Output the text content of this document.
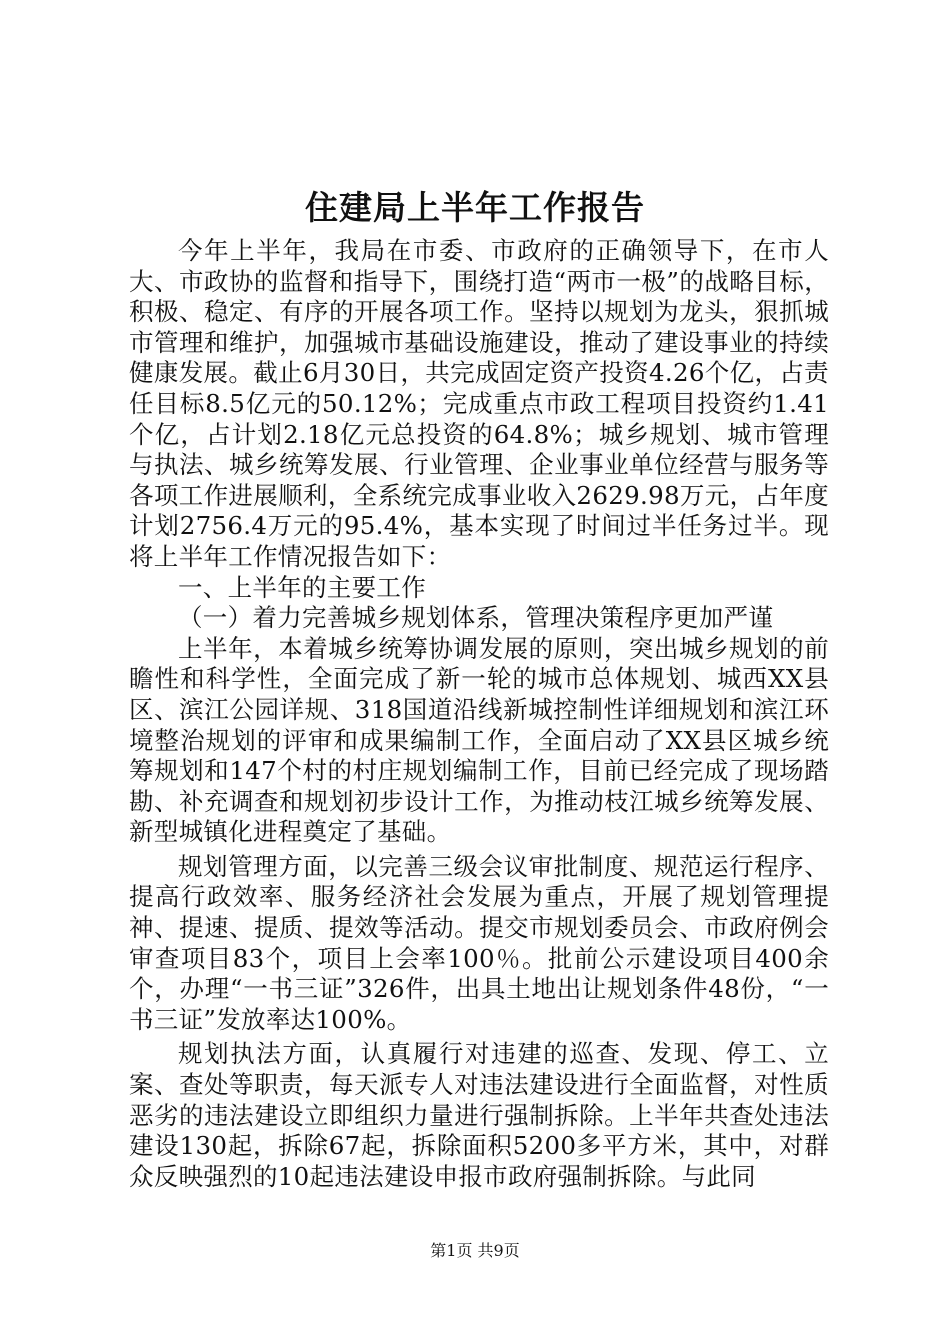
住建局上半年工作报告

今年上半年，我局在市委、市政府的正确领导下，在市人大、市政协的监督和指导下，围绕打造“两市一极”的战略目标，积极、稳定、有序的开展各项工作。坚持以规划为龙头，狠抓城市管理和维护，加强城市基础设施建设，推动了建设事业的持续健康发展。截止6月30日，共完成固定资产投资4.26个亿，占责任目标8.5亿元的50.12%；完成重点市政工程项目投资约1.41个亿，占计划2.18亿元总投资的64.8%；城乡规划、城市管理与执法、城乡统筹发展、行业管理、企业事业单位经营与服务等各项工作进展顺利，全系统完成事业收入2629.98万元，占年度计划2756.4万元的95.4%，基本实现了时间过半任务过半。现将上半年工作情况报告如下：

一、上半年的主要工作

（一）着力完善城乡规划体系，管理决策程序更加严谨

上半年，本着城乡统筹协调发展的原则，突出城乡规划的前瞻性和科学性，全面完成了新一轮的城市总体规划、城西XX县区、滨江公园详规、318国道沿线新城控制性详细规划和滨江环境整治规划的评审和成果编制工作，全面启动了XX县区城乡统筹规划和147个村的村庄规划编制工作，目前已经完成了现场踏勘、补充调查和规划初步设计工作，为推动枝江城乡统筹发展、新型城镇化进程奠定了基础。

规划管理方面，以完善三级会议审批制度、规范运行程序、提高行政效率、服务经济社会发展为重点，开展了规划管理提神、提速、提质、提效等活动。提交市规划委员会、市政府例会审查项目83个，项目上会率100％。批前公示建设项目400余个，办理“一书三证”326件，出具土地出让规划条件48份，“一书三证”发放率达100%。

规划执法方面，认真履行对违建的巡查、发现、停工、立案、查处等职责，每天派专人对违法建设进行全面监督，对性质恶劣的违法建设立即组织力量进行强制拆除。上半年共查处违法建设130起，拆除67起，拆除面积5200多平方米，其中，对群众反映强烈的10起违法建设申报市政府强制拆除。与此同

第1页 共9页
